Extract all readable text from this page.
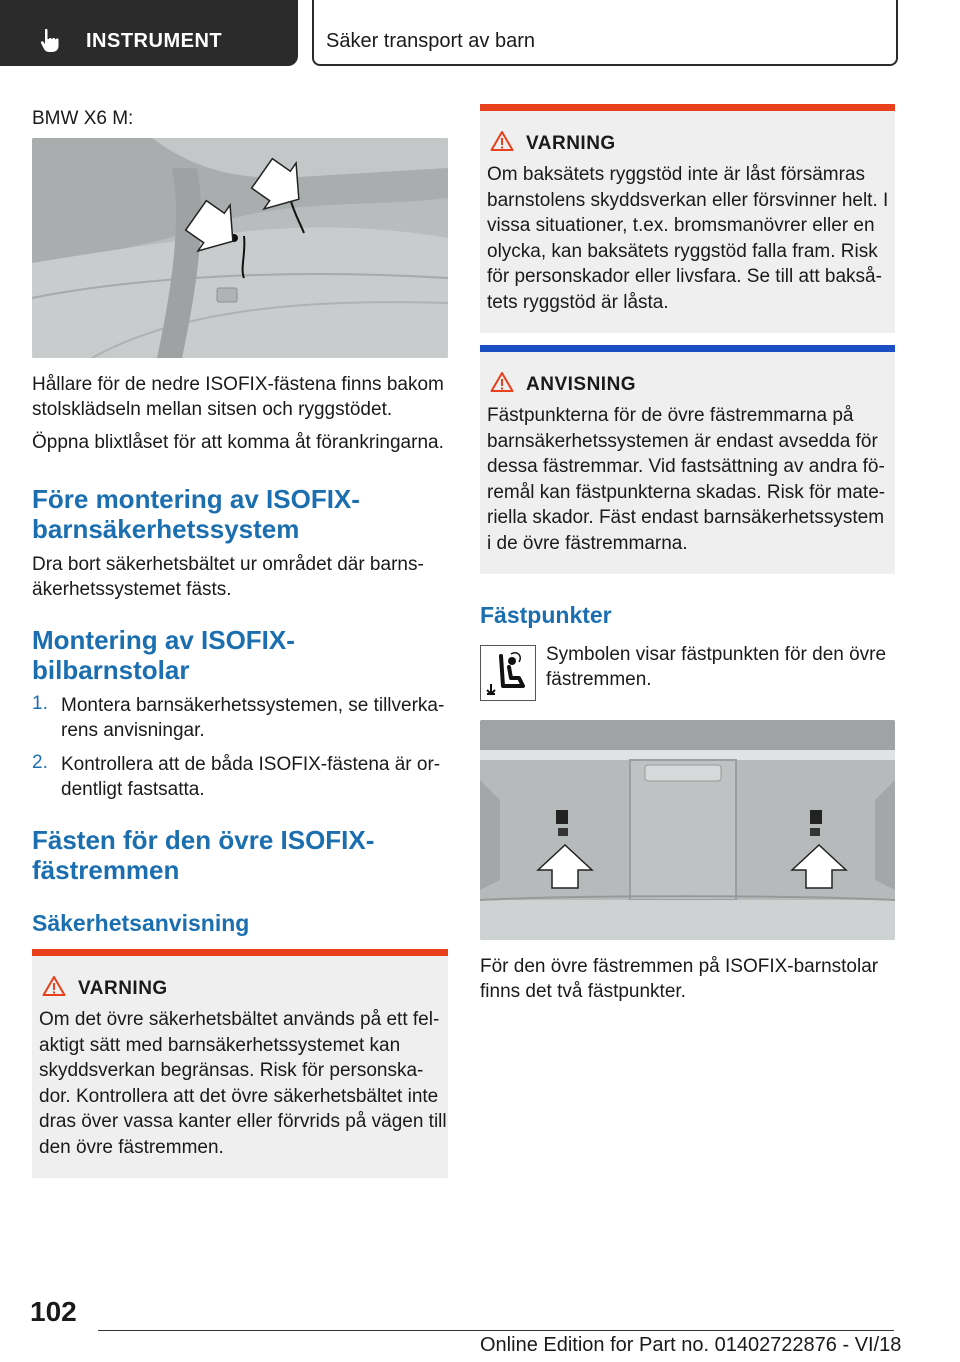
INSTRUMENT	Säker transport av barn
BMW X6 M:
Hållare för de nedre ISOFIX-fästena finns bakom
stolsklädseln mellan sitsen och ryggstödet.
Öppna blixtlåset för att komma åt förankringarna.
Före montering av ISOFIX-
barnsäkerhetssystem
Dra bort säkerhetsbältet ur området där barns-
äkerhetssystemet fästs.
Montering av ISOFIX-
bilbarnstolar
1. Montera barnsäkerhetssystemen, se tillverka-
rens anvisningar.
2. Kontrollera att de båda ISOFIX-fästena är or-
dentligt fastsatta.
Fästen för den övre ISOFIX-
fästremmen
Säkerhetsanvisning
VARNING
Om det övre säkerhetsbältet används på ett fel-
aktigt sätt med barnsäkerhetssystemet kan
skyddsverkan begränsas. Risk för personska-
dor. Kontrollera att det övre säkerhetsbältet inte
dras över vassa kanter eller förvrids på vägen till
den övre fästremmen.
VARNING
Om baksätets ryggstöd inte är låst försämras
barnstolens skyddsverkan eller försvinner helt. I
vissa situationer, t.ex. bromsmanövrer eller en
olycka, kan baksätets ryggstöd falla fram. Risk
för personskador eller livsfara. Se till att bakså-
tets ryggstöd är låsta.
ANVISNING
Fästpunkterna för de övre fästremmarna på
barnsäkerhetssystemen är endast avsedda för
dessa fästremmar. Vid fastsättning av andra fö-
remål kan fästpunkterna skadas. Risk för mate-
riella skador. Fäst endast barnsäkerhetssystem
i de övre fästremmarna.
Fästpunkter
Symbolen visar fästpunkten för den övre
fästremmen.
För den övre fästremmen på ISOFIX-barnstolar
finns det två fästpunkter.
102
Online Edition for Part no. 01402722876 - VI/18
